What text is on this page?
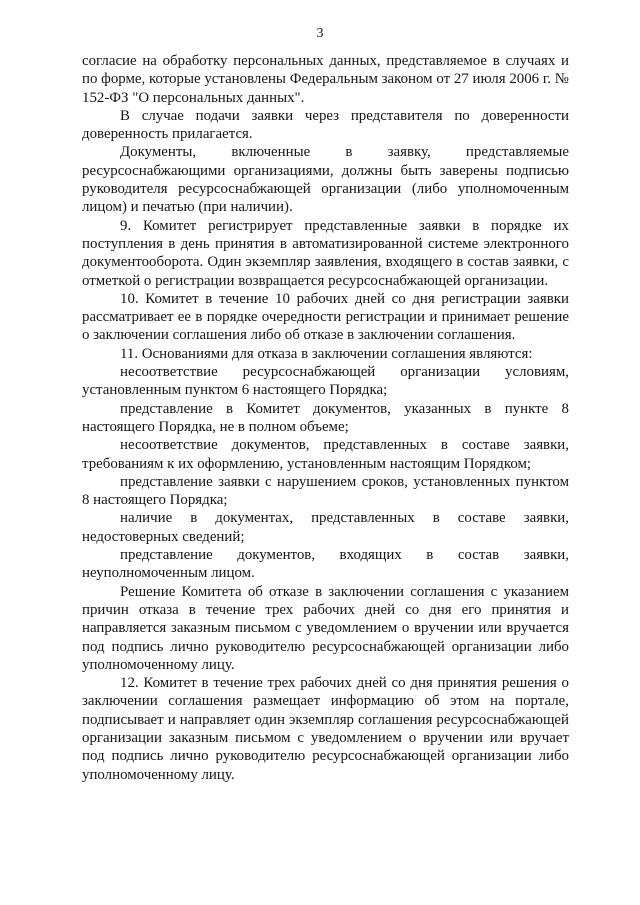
3

согласие на обработку персональных данных, представляемое в случаях и по форме, которые установлены Федеральным законом от 27 июля 2006 г. № 152-ФЗ "О персональных данных".

В случае подачи заявки через представителя по доверенности доверенность прилагается.

Документы, включенные в заявку, представляемые ресурсоснабжающими организациями, должны быть заверены подписью руководителя ресурсоснабжающей организации (либо уполномоченным лицом) и печатью (при наличии).

9. Комитет регистрирует представленные заявки в порядке их поступления в день принятия в автоматизированной системе электронного документооборота. Один экземпляр заявления, входящего в состав заявки, с отметкой о регистрации возвращается ресурсоснабжающей организации.

10. Комитет в течение 10 рабочих дней со дня регистрации заявки рассматривает ее в порядке очередности регистрации и принимает решение о заключении соглашения либо об отказе в заключении соглашения.

11. Основаниями для отказа в заключении соглашения являются:

несоответствие ресурсоснабжающей организации условиям, установленным пунктом 6 настоящего Порядка;

представление в Комитет документов, указанных в пункте 8 настоящего Порядка, не в полном объеме;

несоответствие документов, представленных в составе заявки, требованиям к их оформлению, установленным настоящим Порядком;

представление заявки с нарушением сроков, установленных пунктом 8 настоящего Порядка;

наличие в документах, представленных в составе заявки, недостоверных сведений;

представление документов, входящих в состав заявки, неуполномоченным лицом.

Решение Комитета об отказе в заключении соглашения с указанием причин отказа в течение трех рабочих дней со дня его принятия и направляется заказным письмом с уведомлением о вручении или вручается под подпись лично руководителю ресурсоснабжающей организации либо уполномоченному лицу.

12. Комитет в течение трех рабочих дней со дня принятия решения о заключении соглашения размещает информацию об этом на портале, подписывает и направляет один экземпляр соглашения ресурсоснабжающей организации заказным письмом с уведомлением о вручении или вручает под подпись лично руководителю ресурсоснабжающей организации либо уполномоченному лицу.
